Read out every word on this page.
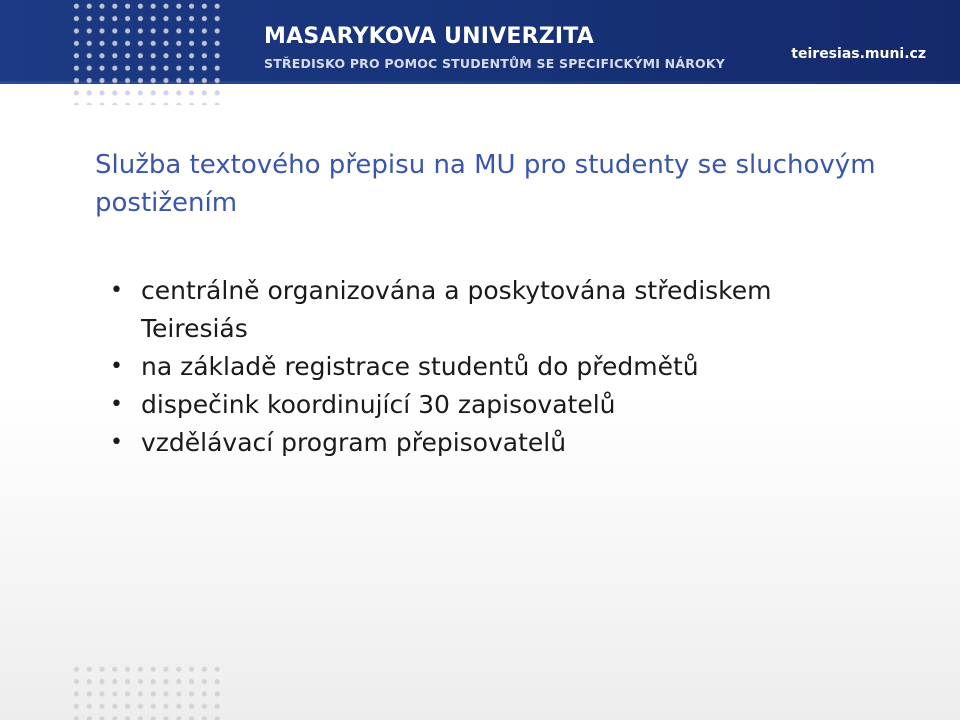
MASARYKOVA UNIVERZITA
STŘEDISKO PRO POMOC STUDENTŮM SE SPECIFICKÝMI NÁROKY
teiresias.muni.cz
Služba textového přepisu na MU pro studenty se sluchovým postižením
• centrálně organizována a poskytována střediskem Teiresiás
• na základě registrace studentů do předmětů
• dispečink koordinující 30 zapisovatelů
• vzdělávací program přepisovatelů
